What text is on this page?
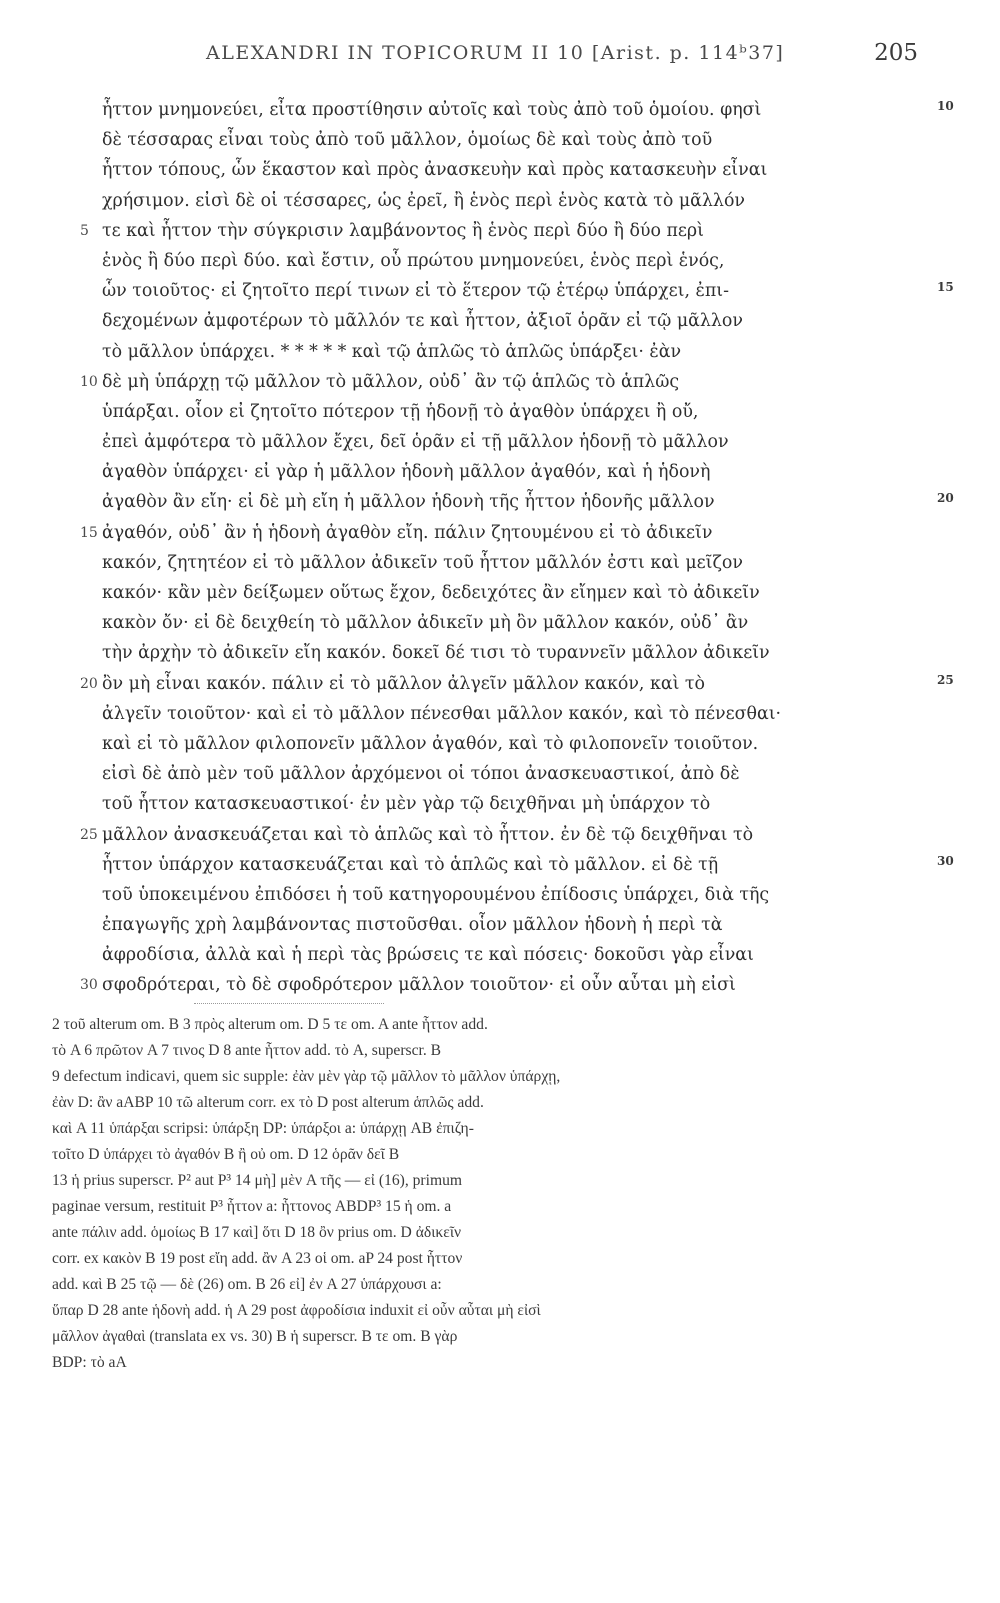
ALEXANDRI IN TOPICORUM II 10 [Arist. p. 114ᵇ37]	205
ἧττον μνημονεύει, εἶτα προστίθησιν αὐτοῖς καὶ τοὺς ἀπὸ τοῦ ὁμοίου. φησὶ	10
δὲ τέσσαρας εἶναι τοὺς ἀπὸ τοῦ μᾶλλον, ὁμοίως δὲ καὶ τοὺς ἀπὸ τοῦ
ἧττον τόπους, ὧν ἕκαστον καὶ πρὸς ἀνασκευὴν καὶ πρὸς κατασκευὴν εἶναι
χρήσιμον. εἰσὶ δὲ οἱ τέσσαρες, ὡς ἐρεῖ, ἢ ἑνὸς περὶ ἑνὸς κατὰ τὸ μᾶλλόν
5 τε καὶ ἧττον τὴν σύγκρισιν λαμβάνοντος ἢ ἑνὸς περὶ δύο ἢ δύο περὶ
ἑνὸς ἢ δύο περὶ δύο. καὶ ἔστιν, οὗ πρώτου μνημονεύει, ἑνὸς περὶ ἑνός,
ὧν τοιοῦτος· εἰ ζητοῖτο περί τινων εἰ τὸ ἕτερον τῷ ἑτέρῳ ὑπάρχει, ἐπι-	15
δεχομένων ἀμφοτέρων τὸ μᾶλλόν τε καὶ ἧττον, ἀξιοῖ ὁρᾶν εἰ τῷ μᾶλλον
τὸ μᾶλλον ὑπάρχει. * * * * * καὶ τῷ ἁπλῶς τὸ ἁπλῶς ὑπάρξει· ἐὰν
10 δὲ μὴ ὑπάρχῃ τῷ μᾶλλον τὸ μᾶλλον, οὐδ᾽ ἂν τῷ ἁπλῶς τὸ ἁπλῶς
ὑπάρξαι. οἷον εἰ ζητοῖτο πότερον τῇ ἡδονῇ τὸ ἀγαθὸν ὑπάρχει ἢ οὔ,
ἐπεὶ ἀμφότερα τὸ μᾶλλον ἔχει, δεῖ ὁρᾶν εἰ τῇ μᾶλλον ἡδονῇ τὸ μᾶλλον
ἀγαθὸν ὑπάρχει· εἰ γὰρ ἡ μᾶλλον ἡδονὴ μᾶλλον ἀγαθόν, καὶ ἡ ἡδονὴ
ἀγαθὸν ἂν εἴη· εἰ δὲ μὴ εἴη ἡ μᾶλλον ἡδονὴ τῆς ἧττον ἡδονῆς μᾶλλον	20
15 ἀγαθόν, οὐδ᾽ ἂν ἡ ἡδονὴ ἀγαθὸν εἴη. πάλιν ζητουμένου εἰ τὸ ἀδικεῖν
κακόν, ζητητέον εἰ τὸ μᾶλλον ἀδικεῖν τοῦ ἧττον μᾶλλόν ἐστι καὶ μεῖζον
κακόν· κἂν μὲν δείξωμεν οὕτως ἔχον, δεδειχότες ἂν εἴημεν καὶ τὸ ἀδικεῖν
κακὸν ὄν· εἰ δὲ δειχθείη τὸ μᾶλλον ἀδικεῖν μὴ ὂν μᾶλλον κακόν, οὐδ᾽ ἂν
τὴν ἀρχὴν τὸ ἀδικεῖν εἴη κακόν. δοκεῖ δέ τισι τὸ τυραννεῖν μᾶλλον ἀδικεῖν
20 ὂν μὴ εἶναι κακόν. πάλιν εἰ τὸ μᾶλλον ἀλγεῖν μᾶλλον κακόν, καὶ τὸ	25
ἀλγεῖν τοιοῦτον· καὶ εἰ τὸ μᾶλλον πένεσθαι μᾶλλον κακόν, καὶ τὸ πένεσθαι·
καὶ εἰ τὸ μᾶλλον φιλοπονεῖν μᾶλλον ἀγαθόν, καὶ τὸ φιλοπονεῖν τοιοῦτον.
εἰσὶ δὲ ἀπὸ μὲν τοῦ μᾶλλον ἀρχόμενοι οἱ τόποι ἀνασκευαστικοί, ἀπὸ δὲ
τοῦ ἧττον κατασκευαστικοί· ἐν μὲν γὰρ τῷ δειχθῆναι μὴ ὑπάρχον τὸ
25 μᾶλλον ἀνασκευάζεται καὶ τὸ ἁπλῶς καὶ τὸ ἧττον. ἐν δὲ τῷ δειχθῆναι τὸ
ἧττον ὑπάρχον κατασκευάζεται καὶ τὸ ἁπλῶς καὶ τὸ μᾶλλον. εἰ δὲ τῇ	30
τοῦ ὑποκειμένου ἐπιδόσει ἡ τοῦ κατηγορουμένου ἐπίδοσις ὑπάρχει, διὰ τῆς
ἐπαγωγῆς χρὴ λαμβάνοντας πιστοῦσθαι. οἷον μᾶλλον ἡδονὴ ἡ περὶ τὰ
ἀφροδίσια, ἀλλὰ καὶ ἡ περὶ τὰς βρώσεις τε καὶ πόσεις· δοκοῦσι γὰρ εἶναι
30 σφοδρότεραι, τὸ δὲ σφοδρότερον μᾶλλον τοιοῦτον· εἰ οὖν αὗται μὴ εἰσὶ
2 τοῦ alterum om. B 3 πρὸς alterum om. D 5 τε om. A ante ἧττον add.
τὸ A 6 πρῶτον A 7 τινος D 8 ante ἧττον add. τὸ A, superscr. B
9 defectum indicavi, quem sic supple: ἐὰν μὲν γὰρ τῷ μᾶλλον τὸ μᾶλλον ὑπάρχῃ,
ἐὰν D: ἂν aABP 10 τῶ alterum corr. ex τὸ D post alterum ἁπλῶς add.
καὶ A 11 ὑπάρξαι scripsi: ὑπάρξη DP: ὑπάρξοι a: ὑπάρχῃ AB ἐπιζη-
τοῖτο D ὑπάρχει τὸ ἀγαθόν B ἢ οὐ om. D 12 ὁρᾶν δεῖ B
13 ἡ prius superscr. P² aut P³ 14 μὴ] μὲν A τῆς — εἰ (16), primum
paginae versum, restituit P³ ἧττον a: ἧττονος ABDP³ 15 ἡ om. a
ante πάλιν add. ὁμοίως B 17 καὶ] ὅτι D 18 ὂν prius om. D ἀδικεῖν
corr. ex κακὸν B 19 post εἴη add. ἂν A 23 οἱ om. aP 24 post ἧττον
add. καὶ B 25 τῷ — δὲ (26) om. B 26 εἰ] ἐν A 27 ὑπάρχουσι a:
ὕπαρ D 28 ante ἡδονὴ add. ἡ A 29 post ἀφροδίσια induxit εἰ οὖν αὗται μὴ εἰσὶ
μᾶλλον ἀγαθαὶ (translata ex vs. 30) B ἡ superscr. B τε om. B γὰρ
BDP: τὸ aA
